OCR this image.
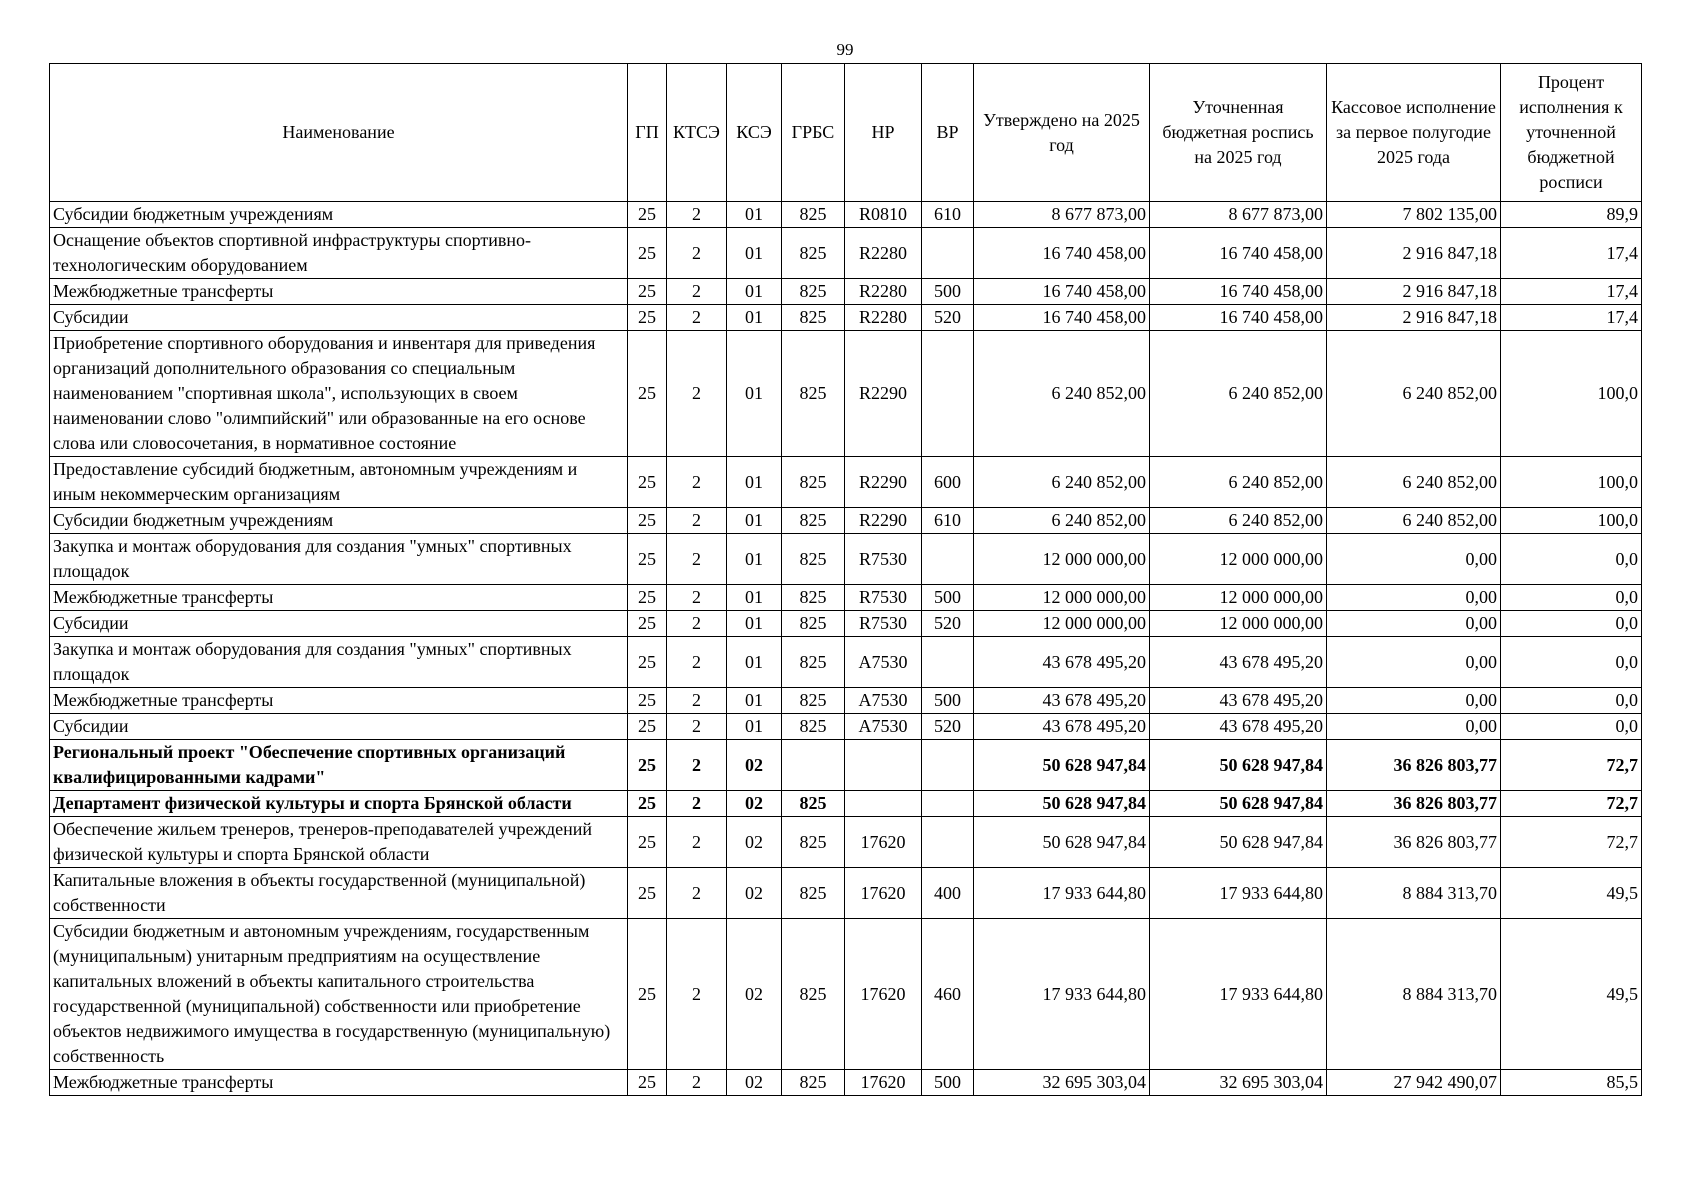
99
Наименование	ГП	КТСЭ	КСЭ	ГРБС	НР	ВР	Утверждено на 2025 год	Уточненная бюджетная роспись на 2025 год	Кассовое исполнение за первое полугодие 2025 года	Процент исполнения к уточненной бюджетной росписи
Субсидии бюджетным учреждениям	25	2	01	825	R0810	610	8 677 873,00	8 677 873,00	7 802 135,00	89,9
Оснащение объектов спортивной инфраструктуры спортивно-технологическим оборудованием	25	2	01	825	R2280		16 740 458,00	16 740 458,00	2 916 847,18	17,4
Межбюджетные трансферты	25	2	01	825	R2280	500	16 740 458,00	16 740 458,00	2 916 847,18	17,4
Субсидии	25	2	01	825	R2280	520	16 740 458,00	16 740 458,00	2 916 847,18	17,4
Приобретение спортивного оборудования и инвентаря для приведения организаций дополнительного образования со специальным наименованием "спортивная школа", использующих в своем наименовании слово "олимпийский" или образованные на его основе слова или словосочетания, в нормативное состояние	25	2	01	825	R2290		6 240 852,00	6 240 852,00	6 240 852,00	100,0
Предоставление субсидий бюджетным, автономным учреждениям и иным некоммерческим организациям	25	2	01	825	R2290	600	6 240 852,00	6 240 852,00	6 240 852,00	100,0
Субсидии бюджетным учреждениям	25	2	01	825	R2290	610	6 240 852,00	6 240 852,00	6 240 852,00	100,0
Закупка и монтаж оборудования для создания "умных" спортивных площадок	25	2	01	825	R7530		12 000 000,00	12 000 000,00	0,00	0,0
Межбюджетные трансферты	25	2	01	825	R7530	500	12 000 000,00	12 000 000,00	0,00	0,0
Субсидии	25	2	01	825	R7530	520	12 000 000,00	12 000 000,00	0,00	0,0
Закупка и монтаж оборудования для создания "умных" спортивных площадок	25	2	01	825	A7530		43 678 495,20	43 678 495,20	0,00	0,0
Межбюджетные трансферты	25	2	01	825	A7530	500	43 678 495,20	43 678 495,20	0,00	0,0
Субсидии	25	2	01	825	A7530	520	43 678 495,20	43 678 495,20	0,00	0,0
Региональный проект "Обеспечение спортивных организаций квалифицированными кадрами"	25	2	02				50 628 947,84	50 628 947,84	36 826 803,77	72,7
Департамент физической культуры и спорта Брянской области	25	2	02	825			50 628 947,84	50 628 947,84	36 826 803,77	72,7
Обеспечение жильем тренеров, тренеров-преподавателей учреждений физической культуры и спорта Брянской области	25	2	02	825	17620		50 628 947,84	50 628 947,84	36 826 803,77	72,7
Капитальные вложения в объекты государственной (муниципальной) собственности	25	2	02	825	17620	400	17 933 644,80	17 933 644,80	8 884 313,70	49,5
Субсидии бюджетным и автономным учреждениям, государственным (муниципальным) унитарным предприятиям на осуществление капитальных вложений в объекты капитального строительства государственной (муниципальной) собственности или приобретение объектов недвижимого имущества в государственную (муниципальную) собственность	25	2	02	825	17620	460	17 933 644,80	17 933 644,80	8 884 313,70	49,5
Межбюджетные трансферты	25	2	02	825	17620	500	32 695 303,04	32 695 303,04	27 942 490,07	85,5
